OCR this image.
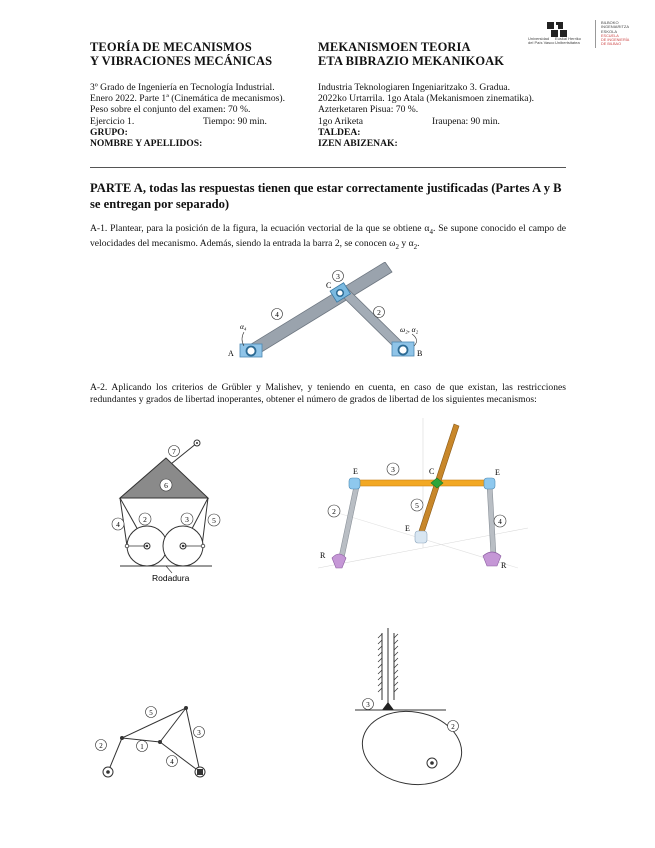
TEORÍA DE MECANISMOS
Y VIBRACIONES MECÁNICAS
MEKANISMOEN TEORIA
ETA BIBRAZIO MEKANIKOAK
Universidad
del País Vasco
Euskal Herriko
Unibertsitatea
BILBOKO
INGENIARITZA
ESKOLA
ESCUELA
DE INGENIERÍA
DE BILBAO
3º Grado de Ingeniería en Tecnología Industrial.
Enero 2022. Parte 1ª (Cinemática de mecanismos).
Peso sobre el conjunto del examen: 70 %.
Ejercicio 1.	Tiempo: 90 min.
GRUPO:
NOMBRE Y APELLIDOS:
Industria Teknologiaren Ingeniaritzako 3. Gradua.
2022ko Urtarrila. 1go Atala (Mekanismoen zinematika).
Azterketaren Pisua: 70 %.
1go Ariketa	Iraupena: 90 min.
TALDEA:
IZEN ABIZENAK:
PARTE A, todas las respuestas tienen que estar correctamente justificadas (Partes A y B se entregan por separado)
A-1. Plantear, para la posición de la figura, la ecuación vectorial de la que se obtiene $\alpha_4$. Se supone conocido el campo de velocidades del mecanismo. Además, siendo la entrada la barra 2, se conocen $\omega_2$ y $\alpha_2$.
3
4	2
C
A	B
α₄	ω₂, α₂
A-2. Aplicando los criterios de Grübler y Malishev, y teniendo en cuenta, en caso de que existan, las restricciones redundantes y grados de libertad inoperantes, obtener el número de grados de libertad de los siguientes mecanismos:
7
6
2	3
4	5
Rodadura
E	E
E
C
R
R
3
2
4
5
2	1
5
3
4
3
2
